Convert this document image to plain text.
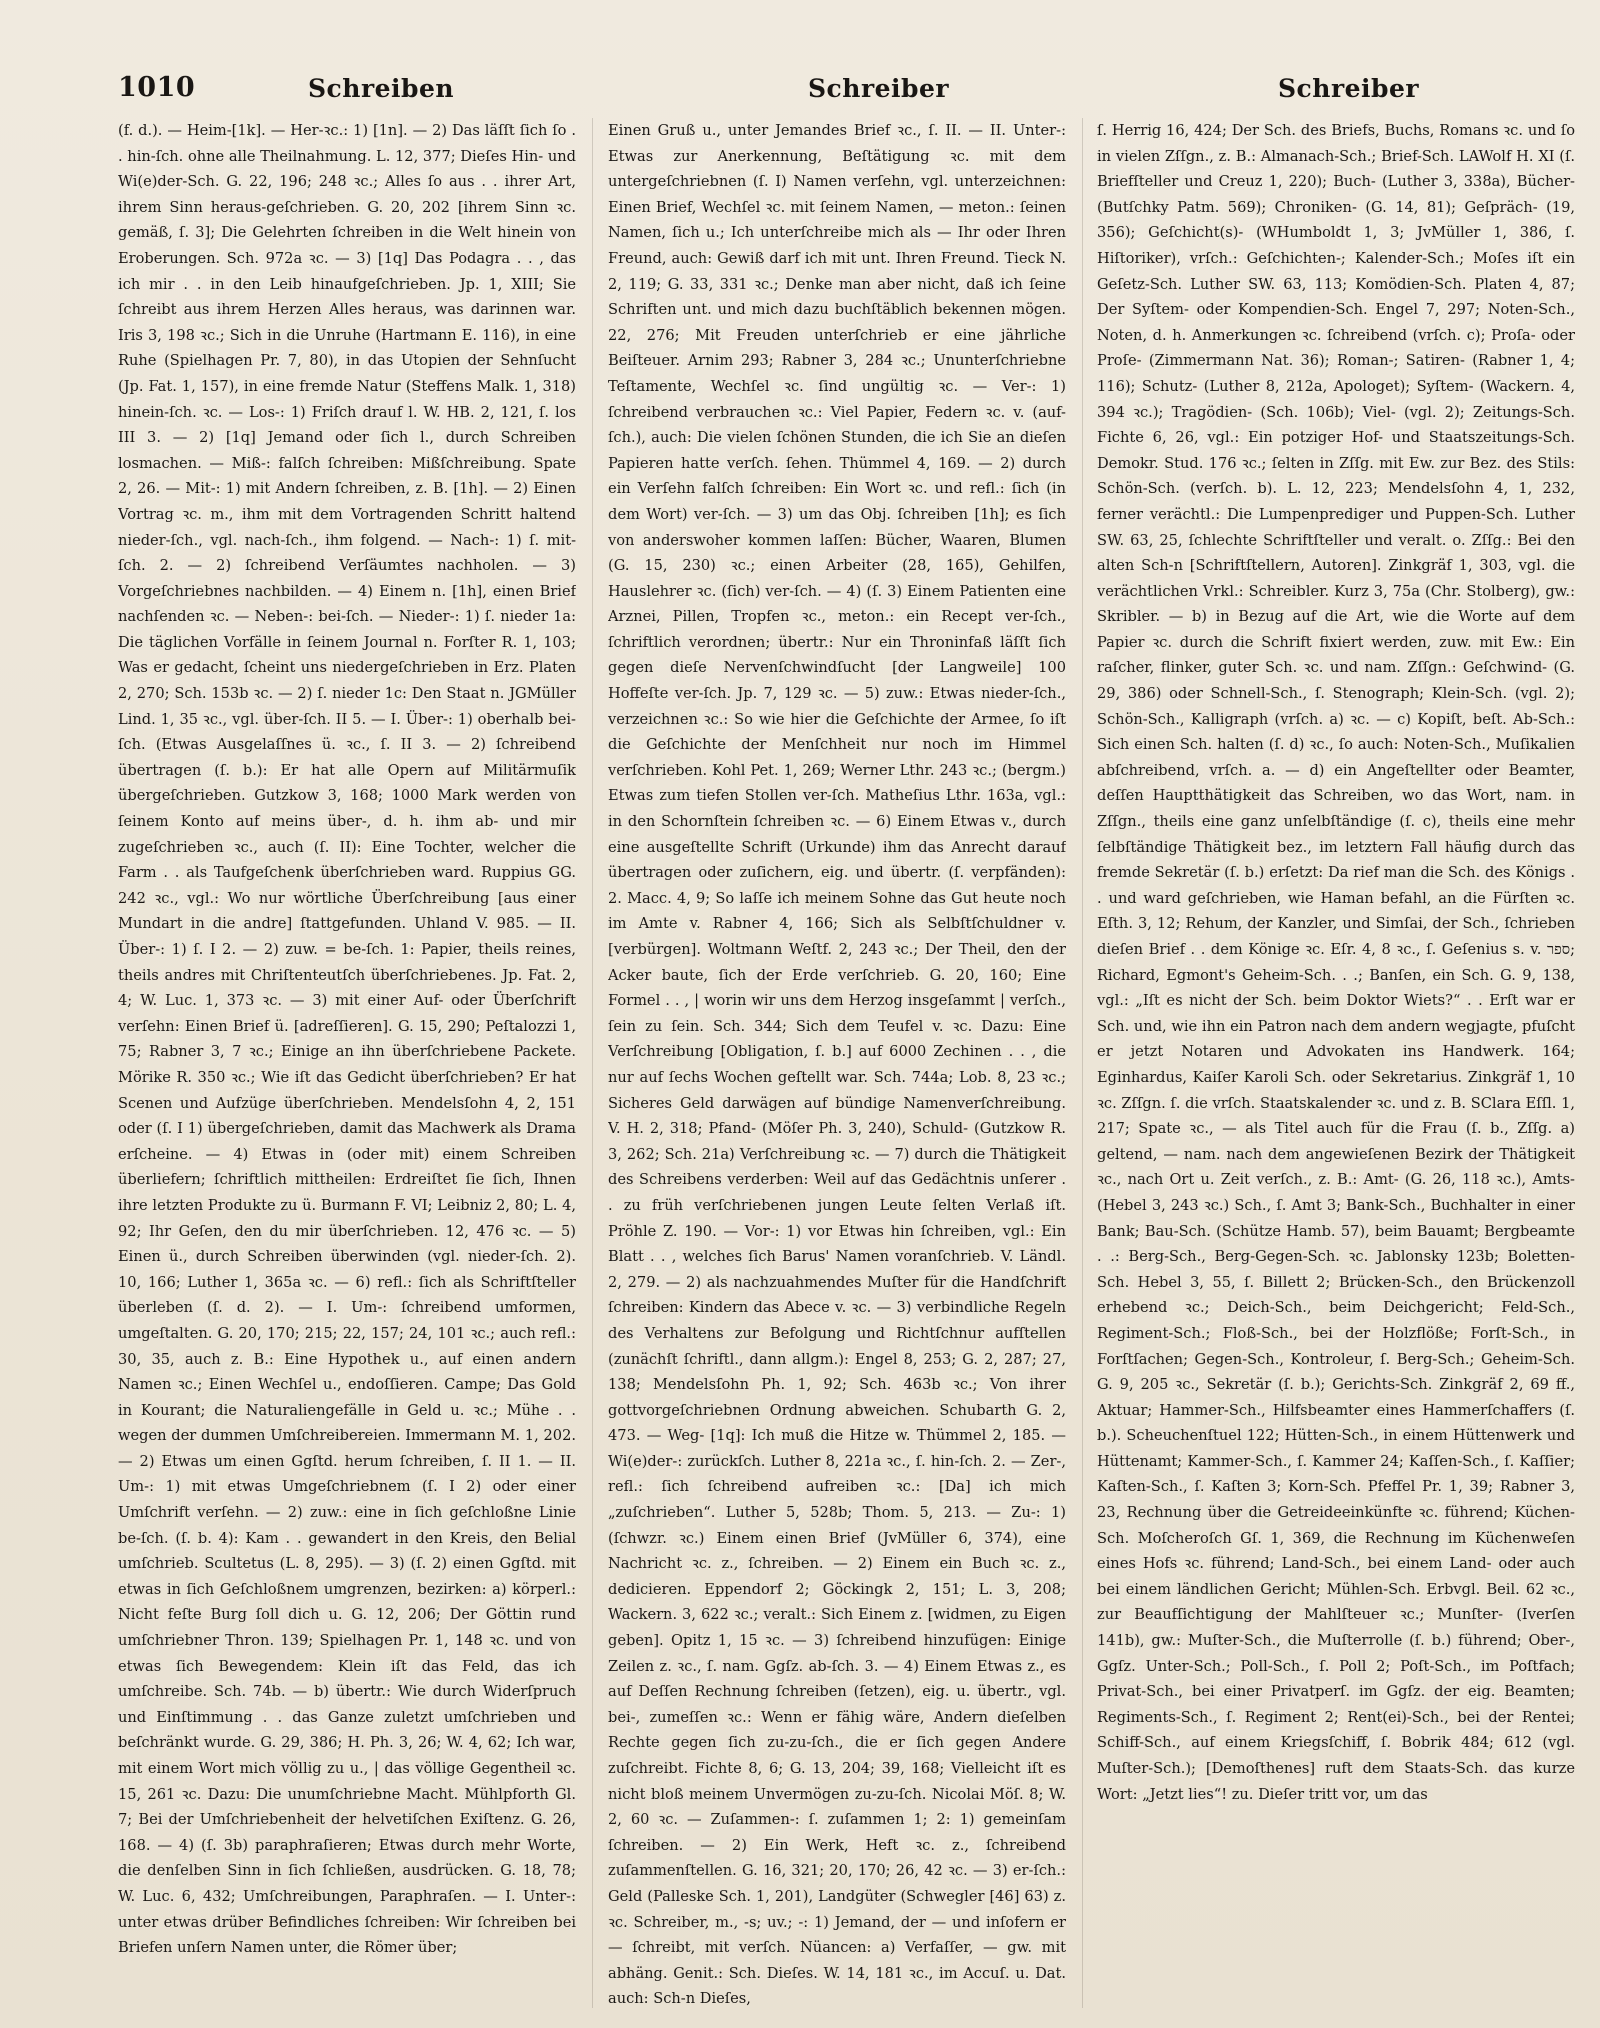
1010	Schreiben	Schreiber	Schreiber

(f. d.). — Heim-[1k]. — Her-ꝛc.: 1) [1n]. — 2) Das läſſt ſich ſo . . hin-ſch. ohne alle Theilnahmung. L. 12, 377; Dieſes Hin- und Wi(e)der-Sch. G. 22, 196; 248 ꝛc.; Alles ſo aus . . ihrer Art, ihrem Sinn heraus-geſchrieben. G. 20, 202 [ihrem Sinn ꝛc. gemäß, ſ. 3]; Die Gelehrten ſchreiben in die Welt hinein von Eroberungen. Sch. 972a ꝛc. — 3) [1q] Das Podagra . . , das ich mir . . in den Leib hinaufgeſchrieben. Jp. 1, XIII; Sie ſchreibt aus ihrem Herzen Alles heraus, was darinnen war. Iris 3, 198 ꝛc.; Sich in die Unruhe (Hartmann E. 116), in eine Ruhe (Spielhagen Pr. 7, 80), in das Utopien der Sehnſucht (Jp. Fat. 1, 157), in eine fremde Natur (Steffens Malk. 1, 318) hinein-ſch. ꝛc. — Los-: 1) Friſch drauf l. W. HB. 2, 121, ſ. los III 3. — 2) [1q] Jemand oder ſich l., durch Schreiben losmachen. — Miß-: falſch ſchreiben: Mißſchreibung. Spate 2, 26. — Mit-: 1) mit Andern ſchreiben, z. B. [1h]. — 2) Einen Vortrag ꝛc. m., ihm mit dem Vortragenden Schritt haltend nieder-ſch., vgl. nach-ſch., ihm folgend. — Nach-: 1) ſ. mit-ſch. 2. — 2) ſchreibend Verſäumtes nachholen. — 3) Vorgeſchriebnes nachbilden. — 4) Einem n. [1h], einen Brief nachſenden ꝛc. — Neben-: bei-ſch. — Nieder-: 1) ſ. nieder 1a: Die täglichen Vorfälle in ſeinem Journal n. Forſter R. 1, 103; Was er gedacht, ſcheint uns niedergeſchrieben in Erz. Platen 2, 270; Sch. 153b ꝛc. — 2) ſ. nieder 1c: Den Staat n. JGMüller Lind. 1, 35 ꝛc., vgl. über-ſch. II 5. — I. Über-: 1) oberhalb bei-ſch. (Etwas Ausgelaſſnes ü. ꝛc., ſ. II 3. — 2) ſchreibend übertragen (ſ. b.): Er hat alle Opern auf Militärmuſik übergeſchrieben. Gutzkow 3, 168; 1000 Mark werden von ſeinem Konto auf meins über-, d. h. ihm ab- und mir zugeſchrieben ꝛc., auch (ſ. II): Eine Tochter, welcher die Farm . . als Taufgeſchenk überſchrieben ward. Ruppius GG. 242 ꝛc., vgl.: Wo nur wörtliche Überſchreibung [aus einer Mundart in die andre] ſtattgefunden. Uhland V. 985. — II. Über-: 1) ſ. I 2. — 2) zuw. = be-ſch. 1: Papier, theils reines, theils andres mit Chriſtenteutſch überſchriebenes. Jp. Fat. 2, 4; W. Luc. 1, 373 ꝛc. — 3) mit einer Auf- oder Überſchrift verſehn: Einen Brief ü. [adreſſieren]. G. 15, 290; Peſtalozzi 1, 75; Rabner 3, 7 ꝛc.; Einige an ihn überſchriebene Packete. Mörike R. 350 ꝛc.; Wie iſt das Gedicht überſchrieben? Er hat Scenen und Aufzüge überſchrieben. Mendelsſohn 4, 2, 151 oder (ſ. I 1) übergeſchrieben, damit das Machwerk als Drama erſcheine. — 4) Etwas in (oder mit) einem Schreiben überliefern; ſchriftlich mittheilen: Erdreiſtet ſie ſich, Ihnen ihre letzten Produkte zu ü. Burmann F. VI; Leibniz 2, 80; L. 4, 92; Ihr Geſen, den du mir überſchrieben. 12, 476 ꝛc. — 5) Einen ü., durch Schreiben überwinden (vgl. nieder-ſch. 2). 10, 166; Luther 1, 365a ꝛc. — 6) refl.: ſich als Schriftſteller überleben (ſ. d. 2). — I. Um-: ſchreibend umformen, umgeſtalten. G. 20, 170; 215; 22, 157; 24, 101 ꝛc.; auch refl.: 30, 35, auch z. B.: Eine Hypothek u., auf einen andern Namen ꝛc.; Einen Wechſel u., endoſſieren. Campe; Das Gold in Kourant; die Naturaliengefälle in Geld u. ꝛc.; Mühe . . wegen der dummen Umſchreibereien. Immermann M. 1, 202. — 2) Etwas um einen Ggſtd. herum ſchreiben, ſ. II 1. — II. Um-: 1) mit etwas Umgeſchriebnem (ſ. I 2) oder einer Umſchrift verſehn. — 2) zuw.: eine in ſich geſchloßne Linie be-ſch. (ſ. b. 4): Kam . . gewandert in den Kreis, den Belial umſchrieb. Scultetus (L. 8, 295). — 3) (ſ. 2) einen Ggſtd. mit etwas in ſich Geſchloßnem umgrenzen, bezirken: a) körperl.: Nicht feſte Burg ſoll dich u. G. 12, 206; Der Göttin rund umſchriebner Thron. 139; Spielhagen Pr. 1, 148 ꝛc. und von etwas ſich Bewegendem: Klein iſt das Feld, das ich umſchreibe. Sch. 74b. — b) übertr.: Wie durch Widerſpruch und Einſtimmung . . das Ganze zuletzt umſchrieben und beſchränkt wurde. G. 29, 386; H. Ph. 3, 26; W. 4, 62; Ich war, mit einem Wort mich völlig zu u., | das völlige Gegentheil ꝛc. 15, 261 ꝛc. Dazu: Die unumſchriebne Macht. Mühlpforth Gl. 7; Bei der Umſchriebenheit der helvetiſchen Exiſtenz. G. 26, 168. — 4) (ſ. 3b) paraphraſieren; Etwas durch mehr Worte, die denſelben Sinn in ſich ſchließen, ausdrücken. G. 18, 78; W. Luc. 6, 432; Umſchreibungen, Paraphraſen. — I. Unter-: unter etwas drüber Befindliches ſchreiben: Wir ſchreiben bei Briefen unſern Namen unter, die Römer über;

Einen Gruß u., unter Jemandes Brief ꝛc., ſ. II. — II. Unter-: Etwas zur Anerkennung, Beſtätigung ꝛc. mit dem untergeſchriebnen (ſ. I) Namen verſehn, vgl. unterzeichnen: Einen Brief, Wechſel ꝛc. mit ſeinem Namen, — meton.: ſeinen Namen, ſich u.; Ich unterſchreibe mich als — Ihr oder Ihren Freund, auch: Gewiß darf ich mit unt. Ihren Freund. Tieck N. 2, 119; G. 33, 331 ꝛc.; Denke man aber nicht, daß ich ſeine Schriften unt. und mich dazu buchſtäblich bekennen mögen. 22, 276; Mit Freuden unterſchrieb er eine jährliche Beiſteuer. Arnim 293; Rabner 3, 284 ꝛc.; Ununterſchriebne Teſtamente, Wechſel ꝛc. ſind ungültig ꝛc. — Ver-: 1) ſchreibend verbrauchen ꝛc.: Viel Papier, Federn ꝛc. v. (auf-ſch.), auch: Die vielen ſchönen Stunden, die ich Sie an dieſen Papieren hatte verſch. ſehen. Thümmel 4, 169. — 2) durch ein Verſehn falſch ſchreiben: Ein Wort ꝛc. und refl.: ſich (in dem Wort) ver-ſch. — 3) um das Obj. ſchreiben [1h]; es ſich von anderswoher kommen laſſen: Bücher, Waaren, Blumen (G. 15, 230) ꝛc.; einen Arbeiter (28, 165), Gehilfen, Hauslehrer ꝛc. (ſich) ver-ſch. — 4) (ſ. 3) Einem Patienten eine Arznei, Pillen, Tropfen ꝛc., meton.: ein Recept ver-ſch., ſchriftlich verordnen; übertr.: Nur ein Throninfaß läſſt ſich gegen dieſe Nervenſchwindſucht [der Langweile] 100 Hoffeſte ver-ſch. Jp. 7, 129 ꝛc. — 5) zuw.: Etwas nieder-ſch., verzeichnen ꝛc.: So wie hier die Geſchichte der Armee, ſo iſt die Geſchichte der Menſchheit nur noch im Himmel verſchrieben. Kohl Pet. 1, 269; Werner Lthr. 243 ꝛc.; (bergm.) Etwas zum tiefen Stollen ver-ſch. Matheſius Lthr. 163a, vgl.: in den Schornſtein ſchreiben ꝛc. — 6) Einem Etwas v., durch eine ausgeſtellte Schrift (Urkunde) ihm das Anrecht darauf übertragen oder zuſichern, eig. und übertr. (ſ. verpfänden): 2. Macc. 4, 9; So laſſe ich meinem Sohne das Gut heute noch im Amte v. Rabner 4, 166; Sich als Selbſtſchuldner v. [verbürgen]. Woltmann Weſtf. 2, 243 ꝛc.; Der Theil, den der Acker baute, ſich der Erde verſchrieb. G. 20, 160; Eine Formel . . , | worin wir uns dem Herzog insgeſammt | verſch., ſein zu ſein. Sch. 344; Sich dem Teufel v. ꝛc. Dazu: Eine Verſchreibung [Obligation, ſ. b.] auf 6000 Zechinen . . , die nur auf ſechs Wochen geſtellt war. Sch. 744a; Lob. 8, 23 ꝛc.; Sicheres Geld darwägen auf bündige Namenverſchreibung. V. H. 2, 318; Pfand- (Möſer Ph. 3, 240), Schuld- (Gutzkow R. 3, 262; Sch. 21a) Verſchreibung ꝛc. — 7) durch die Thätigkeit des Schreibens verderben: Weil auf das Gedächtnis unſerer . . zu früh verſchriebenen jungen Leute ſelten Verlaß iſt. Pröhle Z. 190. — Vor-: 1) vor Etwas hin ſchreiben, vgl.: Ein Blatt . . , welches ſich Barus' Namen voranſchrieb. V. Ländl. 2, 279. — 2) als nachzuahmendes Muſter für die Handſchrift ſchreiben: Kindern das Abece v. ꝛc. — 3) verbindliche Regeln des Verhaltens zur Befolgung und Richtſchnur aufſtellen (zunächſt ſchriftl., dann allgm.): Engel 8, 253; G. 2, 287; 27, 138; Mendelsſohn Ph. 1, 92; Sch. 463b ꝛc.; Von ihrer gottvorgeſchriebnen Ordnung abweichen. Schubarth G. 2, 473. — Weg- [1q]: Ich muß die Hitze w. Thümmel 2, 185. — Wi(e)der-: zurückſch. Luther 8, 221a ꝛc., ſ. hin-ſch. 2. — Zer-, refl.: ſich ſchreibend aufreiben ꝛc.: [Da] ich mich „zuſchrieben“. Luther 5, 528b; Thom. 5, 213. — Zu-: 1) (ſchwzr. ꝛc.) Einem einen Brief (JvMüller 6, 374), eine Nachricht ꝛc. z., ſchreiben. — 2) Einem ein Buch ꝛc. z., dedicieren. Eppendorf 2; Göckingk 2, 151; L. 3, 208; Wackern. 3, 622 ꝛc.; veralt.: Sich Einem z. [widmen, zu Eigen geben]. Opitz 1, 15 ꝛc. — 3) ſchreibend hinzufügen: Einige Zeilen z. ꝛc., ſ. nam. Ggſz. ab-ſch. 3. — 4) Einem Etwas z., es auf Deſſen Rechnung ſchreiben (ſetzen), eig. u. übertr., vgl. bei-, zumeſſen ꝛc.: Wenn er fähig wäre, Andern dieſelben Rechte gegen ſich zu-zu-ſch., die er ſich gegen Andere zuſchreibt. Fichte 8, 6; G. 13, 204; 39, 168; Vielleicht iſt es nicht bloß meinem Unvermögen zu-zu-ſch. Nicolai Möſ. 8; W. 2, 60 ꝛc. — Zuſammen-: ſ. zuſammen 1; 2: 1) gemeinſam ſchreiben. — 2) Ein Werk, Heft ꝛc. z., ſchreibend zuſammenſtellen. G. 16, 321; 20, 170; 26, 42 ꝛc. — 3) er-ſch.: Geld (Palleske Sch. 1, 201), Landgüter (Schwegler [46] 63) z. ꝛc. Schreiber, m., -s; uv.; -: 1) Jemand, der — und inſofern er — ſchreibt, mit verſch. Nüancen: a) Verfaſſer, — gw. mit abhäng. Genit.: Sch. Dieſes. W. 14, 181 ꝛc., im Accuſ. u. Dat. auch: Sch-n Dieſes,

ſ. Herrig 16, 424; Der Sch. des Briefs, Buchs, Romans ꝛc. und ſo in vielen Zſſgn., z. B.: Almanach-Sch.; Brief-Sch. LAWolf H. XI (ſ. Briefſteller und Creuz 1, 220); Buch- (Luther 3, 338a), Bücher- (Butſchky Patm. 569); Chroniken- (G. 14, 81); Geſpräch- (19, 356); Geſchicht(s)- (WHumboldt 1, 3; JvMüller 1, 386, ſ. Hiſtoriker), vrſch.: Geſchichten-; Kalender-Sch.; Moſes iſt ein Geſetz-Sch. Luther SW. 63, 113; Komödien-Sch. Platen 4, 87; Der Syſtem- oder Kompendien-Sch. Engel 7, 297; Noten-Sch., Noten, d. h. Anmerkungen ꝛc. ſchreibend (vrſch. c); Proſa- oder Proſe- (Zimmermann Nat. 36); Roman-; Satiren- (Rabner 1, 4; 116); Schutz- (Luther 8, 212a, Apologet); Syſtem- (Wackern. 4, 394 ꝛc.); Tragödien- (Sch. 106b); Viel- (vgl. 2); Zeitungs-Sch. Fichte 6, 26, vgl.: Ein potziger Hof- und Staatszeitungs-Sch. Demokr. Stud. 176 ꝛc.; ſelten in Zſſg. mit Ew. zur Bez. des Stils: Schön-Sch. (verſch. b). L. 12, 223; Mendelsſohn 4, 1, 232, ferner verächtl.: Die Lumpenprediger und Puppen-Sch. Luther SW. 63, 25, ſchlechte Schriftſteller und veralt. o. Zſſg.: Bei den alten Sch-n [Schriftſtellern, Autoren]. Zinkgräf 1, 303, vgl. die verächtlichen Vrkl.: Schreibler. Kurz 3, 75a (Chr. Stolberg), gw.: Skribler. — b) in Bezug auf die Art, wie die Worte auf dem Papier ꝛc. durch die Schrift fixiert werden, zuw. mit Ew.: Ein raſcher, flinker, guter Sch. ꝛc. und nam. Zſſgn.: Geſchwind- (G. 29, 386) oder Schnell-Sch., ſ. Stenograph; Klein-Sch. (vgl. 2); Schön-Sch., Kalligraph (vrſch. a) ꝛc. — c) Kopiſt, beſt. Ab-Sch.: Sich einen Sch. halten (ſ. d) ꝛc., ſo auch: Noten-Sch., Muſikalien abſchreibend, vrſch. a. — d) ein Angeſtellter oder Beamter, deſſen Hauptthätigkeit das Schreiben, wo das Wort, nam. in Zſſgn., theils eine ganz unſelbſtändige (ſ. c), theils eine mehr ſelbſtändige Thätigkeit bez., im letztern Fall häufig durch das fremde Sekretär (ſ. b.) erſetzt: Da rief man die Sch. des Königs . . und ward geſchrieben, wie Haman befahl, an die Fürſten ꝛc. Eſth. 3, 12; Rehum, der Kanzler, und Simſai, der Sch., ſchrieben dieſen Brief . . dem Könige ꝛc. Eſr. 4, 8 ꝛc., ſ. Geſenius s. v. ספר; Richard, Egmont's Geheim-Sch. . .; Banſen, ein Sch. G. 9, 138, vgl.: „Iſt es nicht der Sch. beim Doktor Wiets?“ . . Erſt war er Sch. und, wie ihn ein Patron nach dem andern wegjagte, pfuſcht er jetzt Notaren und Advokaten ins Handwerk. 164; Eginhardus, Kaiſer Karoli Sch. oder Sekretarius. Zinkgräf 1, 10 ꝛc. Zſſgn. ſ. die vrſch. Staatskalender ꝛc. und z. B. SClara Eſſl. 1, 217; Spate ꝛc., — als Titel auch für die Frau (ſ. b., Zſſg. a) geltend, — nam. nach dem angewieſenen Bezirk der Thätigkeit ꝛc., nach Ort u. Zeit verſch., z. B.: Amt- (G. 26, 118 ꝛc.), Amts- (Hebel 3, 243 ꝛc.) Sch., ſ. Amt 3; Bank-Sch., Buchhalter in einer Bank; Bau-Sch. (Schütze Hamb. 57), beim Bauamt; Bergbeamte . .: Berg-Sch., Berg-Gegen-Sch. ꝛc. Jablonsky 123b; Boletten-Sch. Hebel 3, 55, ſ. Billett 2; Brücken-Sch., den Brückenzoll erhebend ꝛc.; Deich-Sch., beim Deichgericht; Feld-Sch., Regiment-Sch.; Floß-Sch., bei der Holzflöße; Forſt-Sch., in Forſtſachen; Gegen-Sch., Kontroleur, ſ. Berg-Sch.; Geheim-Sch. G. 9, 205 ꝛc., Sekretär (ſ. b.); Gerichts-Sch. Zinkgräf 2, 69 ff., Aktuar; Hammer-Sch., Hilfsbeamter eines Hammerſchaffers (ſ. b.). Scheuchenſtuel 122; Hütten-Sch., in einem Hüttenwerk und Hüttenamt; Kammer-Sch., ſ. Kammer 24; Kaſſen-Sch., ſ. Kaſſier; Kaſten-Sch., ſ. Kaſten 3; Korn-Sch. Pfeffel Pr. 1, 39; Rabner 3, 23, Rechnung über die Getreideeinkünfte ꝛc. führend; Küchen-Sch. Moſcheroſch Gſ. 1, 369, die Rechnung im Küchenweſen eines Hofs ꝛc. führend; Land-Sch., bei einem Land- oder auch bei einem ländlichen Gericht; Mühlen-Sch. Erbvgl. Beil. 62 ꝛc., zur Beaufſichtigung der Mahlſteuer ꝛc.; Munſter- (Iverſen 141b), gw.: Muſter-Sch., die Muſterrolle (ſ. b.) führend; Ober-, Ggſz. Unter-Sch.; Poll-Sch., ſ. Poll 2; Poſt-Sch., im Poſtfach; Privat-Sch., bei einer Privatperſ. im Ggſz. der eig. Beamten; Regiments-Sch., ſ. Regiment 2; Rent(ei)-Sch., bei der Rentei; Schiff-Sch., auf einem Kriegsſchiff, ſ. Bobrik 484; 612 (vgl. Muſter-Sch.); [Demoſthenes] ruft dem Staats-Sch. das kurze Wort: „Jetzt lies“! zu. Dieſer tritt vor, um das
